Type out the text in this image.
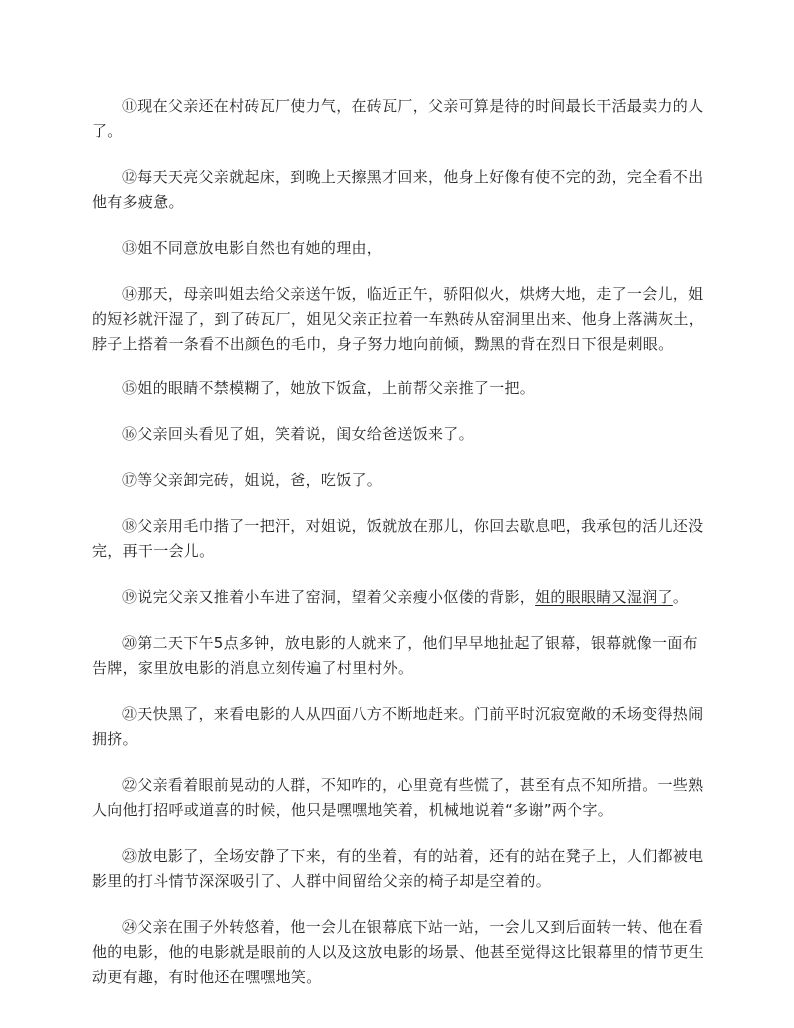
⑪现在父亲还在村砖瓦厂使力气，在砖瓦厂，父亲可算是待的时间最长干活最卖力的人了。

⑫每天天亮父亲就起床，到晚上天擦黑才回来，他身上好像有使不完的劲，完全看不出他有多疲惫。

⑬姐不同意放电影自然也有她的理由，

⑭那天，母亲叫姐去给父亲送午饭，临近正午，骄阳似火，烘烤大地，走了一会儿，姐的短衫就汗湿了，到了砖瓦厂，姐见父亲正拉着一车熟砖从窑洞里出来、他身上落满灰土，脖子上搭着一条看不出颜色的毛巾，身子努力地向前倾，黝黑的背在烈日下很是刺眼。

⑮姐的眼睛不禁模糊了，她放下饭盒，上前帮父亲推了一把。

⑯父亲回头看见了姐，笑着说，闺女给爸送饭来了。

⑰等父亲卸完砖，姐说，爸，吃饭了。

⑱父亲用毛巾揩了一把汗，对姐说，饭就放在那儿，你回去歇息吧，我承包的活儿还没完，再干一会儿。

⑲说完父亲又推着小车进了窑洞，望着父亲瘦小伛偻的背影，姐的眼眼睛又湿润了。

⑳第二天下午5点多钟，放电影的人就来了，他们早早地扯起了银幕，银幕就像一面布告牌，家里放电影的消息立刻传遍了村里村外。

㉑天快黑了，来看电影的人从四面八方不断地赶来。门前平时沉寂宽敞的禾场变得热闹拥挤。

㉒父亲看着眼前晃动的人群，不知咋的，心里竟有些慌了，甚至有点不知所措。一些熟人向他打招呼或道喜的时候，他只是嘿嘿地笑着，机械地说着“多谢”两个字。

㉓放电影了，全场安静了下来，有的坐着，有的站着，还有的站在凳子上，人们都被电影里的打斗情节深深吸引了、人群中间留给父亲的椅子却是空着的。

㉔父亲在围子外转悠着，他一会儿在银幕底下站一站，一会儿又到后面转一转、他在看他的电影，他的电影就是眼前的人以及这放电影的场景、他甚至觉得这比银幕里的情节更生动更有趣，有时他还在嘿嘿地笑。
